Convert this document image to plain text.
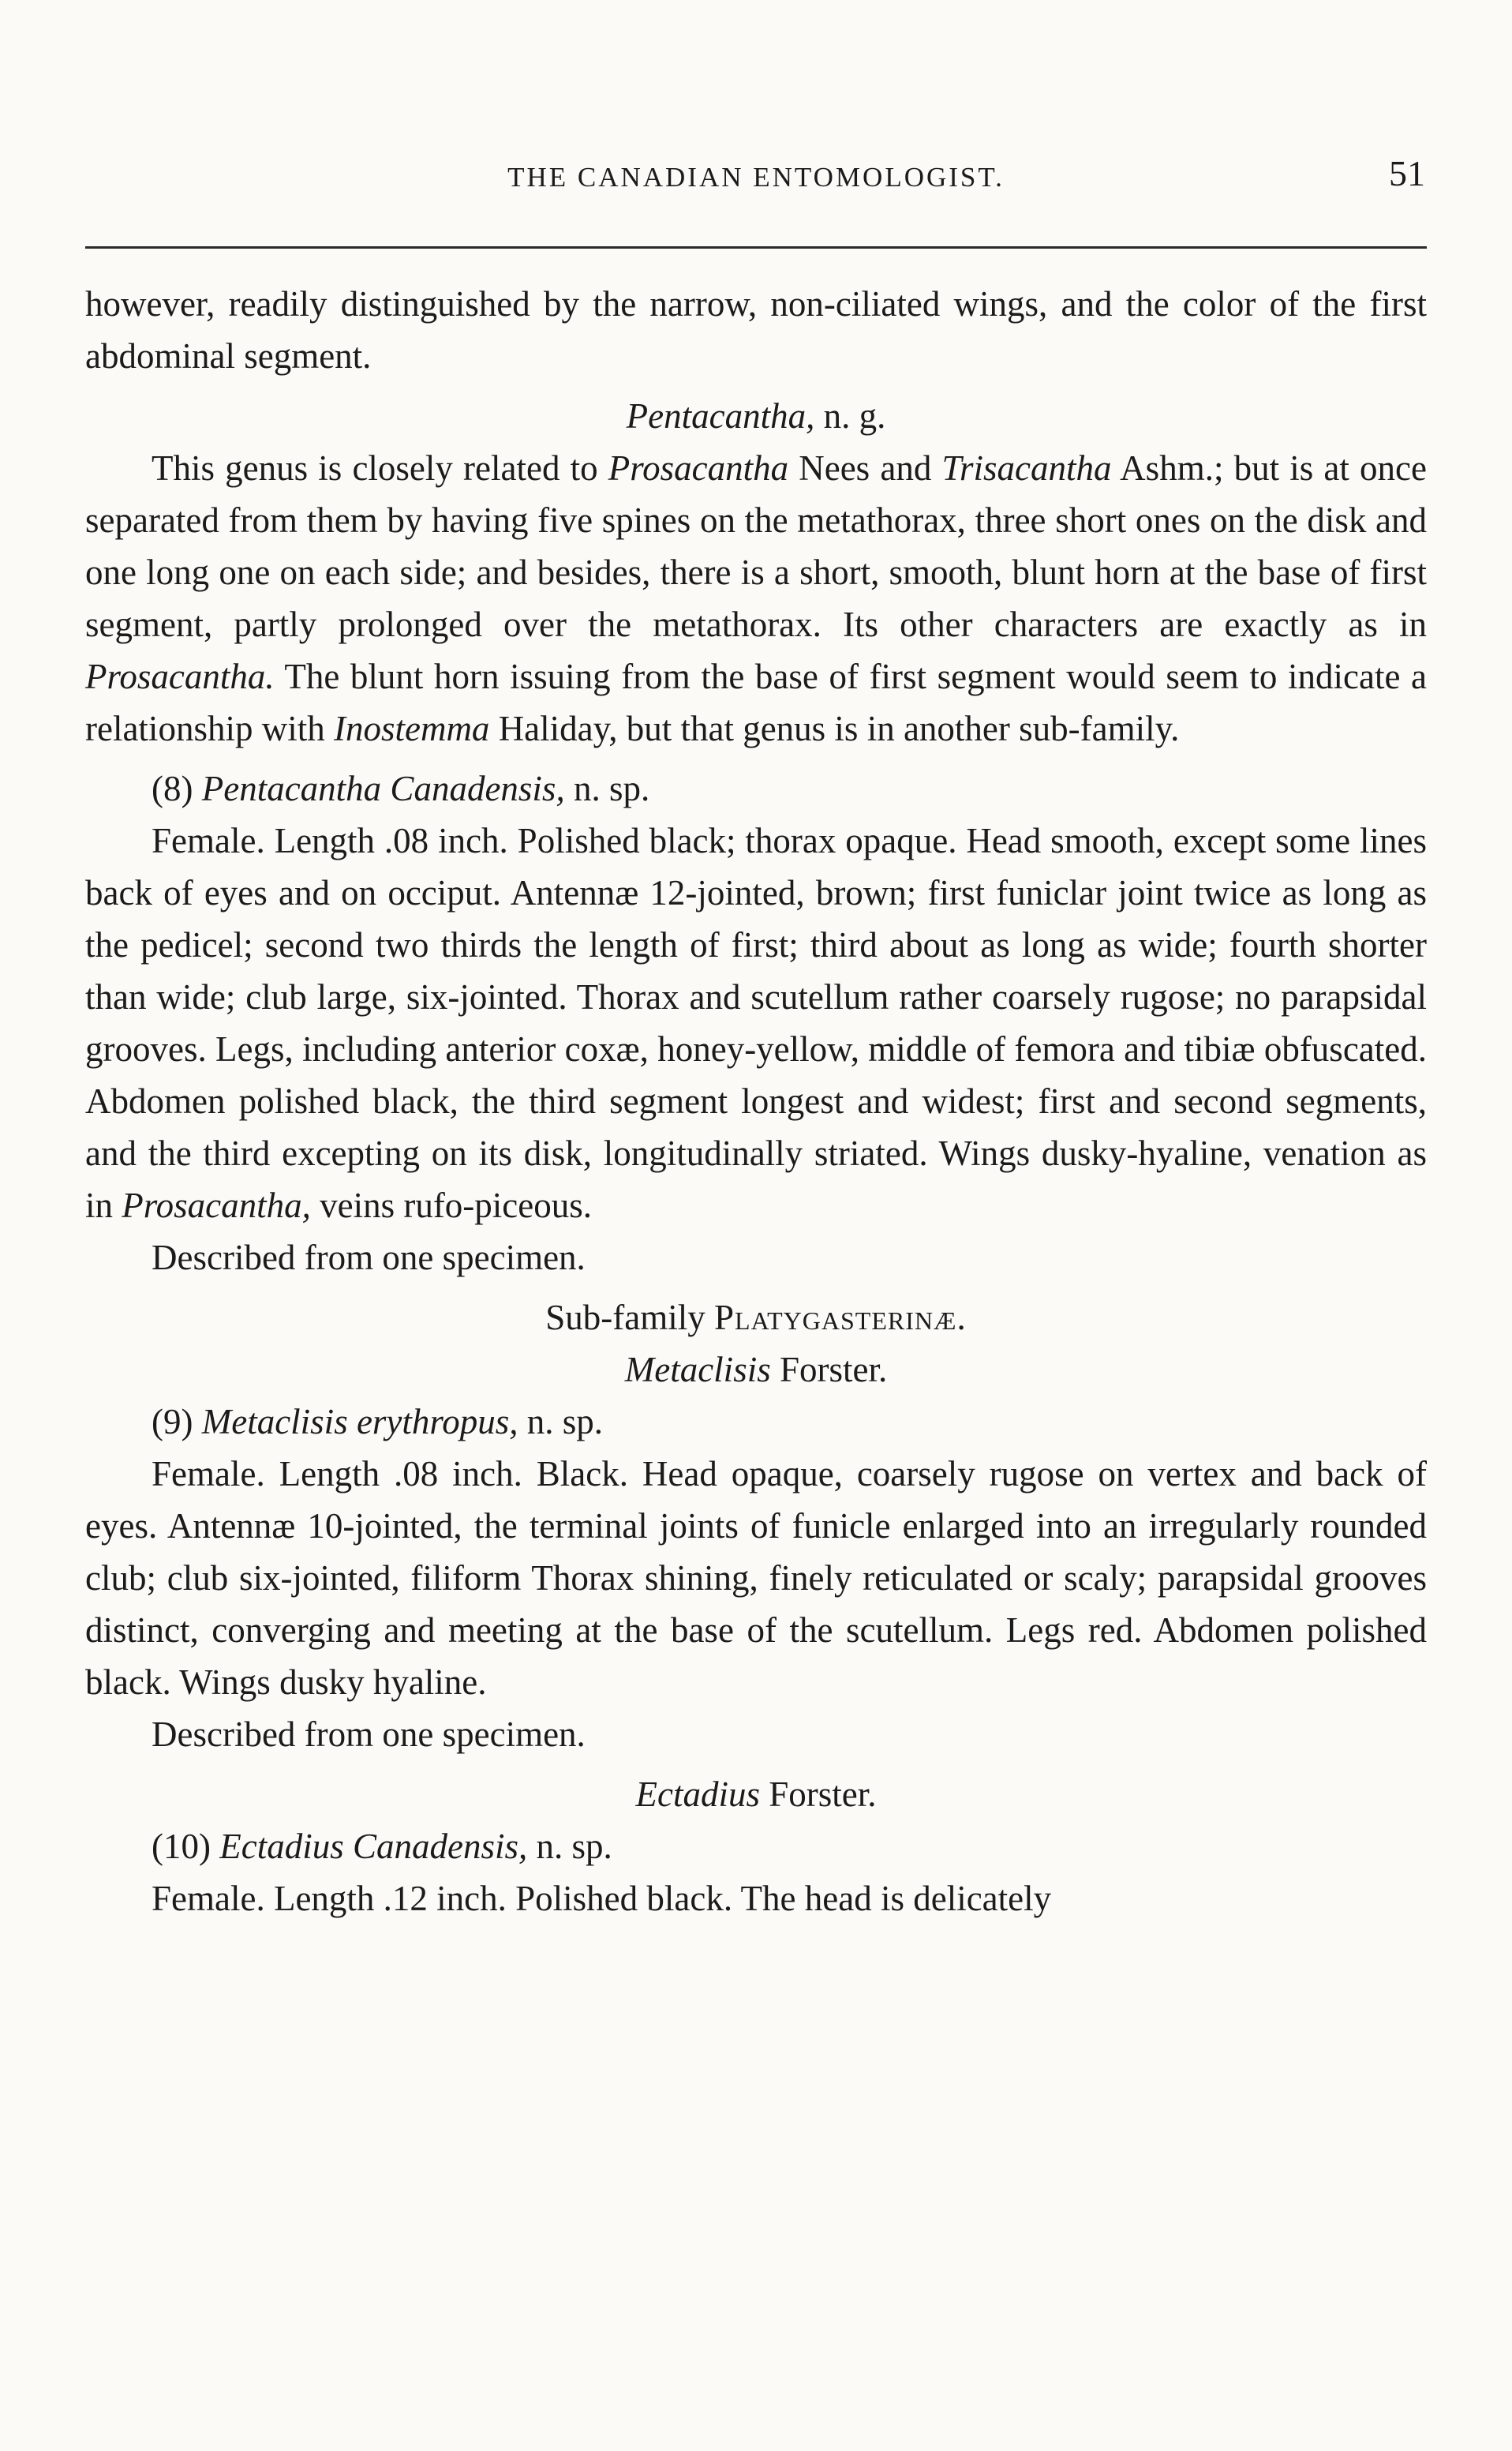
THE CANADIAN ENTOMOLOGIST.	51

however, readily distinguished by the narrow, non-ciliated wings, and the color of the first abdominal segment.

Pentacantha, n. g.

This genus is closely related to Prosacantha Nees and Trisacantha Ashm.; but is at once separated from them by having five spines on the metathorax, three short ones on the disk and one long one on each side; and besides, there is a short, smooth, blunt horn at the base of first segment, partly prolonged over the metathorax. Its other characters are exactly as in Prosacantha. The blunt horn issuing from the base of first segment would seem to indicate a relationship with Inostemma Haliday, but that genus is in another sub-family.

(8) Pentacantha Canadensis, n. sp.

Female. Length .08 inch. Polished black; thorax opaque. Head smooth, except some lines back of eyes and on occiput. Antennæ 12-jointed, brown; first funiclar joint twice as long as the pedicel; second two thirds the length of first; third about as long as wide; fourth shorter than wide; club large, six-jointed. Thorax and scutellum rather coarsely rugose; no parapsidal grooves. Legs, including anterior coxæ, honey-yellow, middle of femora and tibiæ obfuscated. Abdomen polished black, the third segment longest and widest; first and second segments, and the third excepting on its disk, longitudinally striated. Wings dusky-hyaline, venation as in Prosacantha, veins rufo-piceous.

Described from one specimen.

Sub-family Platygasterinæ.

Metaclisis Forster.

(9) Metaclisis erythropus, n. sp.

Female. Length .08 inch. Black. Head opaque, coarsely rugose on vertex and back of eyes. Antennæ 10-jointed, the terminal joints of funicle enlarged into an irregularly rounded club; club six-jointed, filiform Thorax shining, finely reticulated or scaly; parapsidal grooves distinct, converging and meeting at the base of the scutellum. Legs red. Abdomen polished black. Wings dusky hyaline.

Described from one specimen.

Ectadius Forster.

(10) Ectadius Canadensis, n. sp.

Female. Length .12 inch. Polished black. The head is delicately
